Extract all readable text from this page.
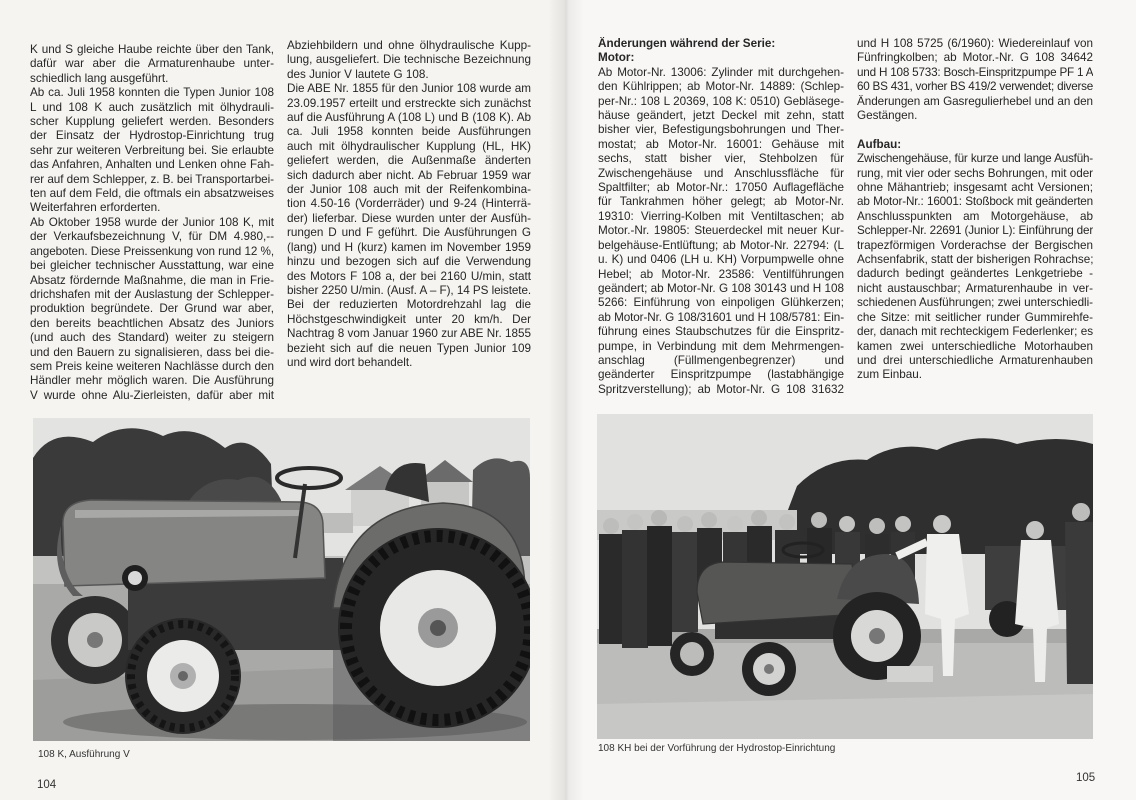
K und S gleiche Haube reichte über den Tank,
dafür war aber die Armaturenhaube unter-
schiedlich lang ausgeführt.
Ab ca. Juli 1958 konnten die Typen Junior 108
L und 108 K auch zusätzlich mit ölhydrauli-
scher Kupplung geliefert werden. Besonders
der Einsatz der Hydrostop-Einrichtung trug
sehr zur weiteren Verbreitung bei. Sie erlaubte
das Anfahren, Anhalten und Lenken ohne Fah-
rer auf dem Schlepper, z. B. bei Transportarbei-
ten auf dem Feld, die oftmals ein absatzweises
Weiterfahren erforderten.
Ab Oktober 1958 wurde der Junior 108 K, mit
der Verkaufsbezeichnung V, für DM 4.980,--
angeboten. Diese Preissenkung von rund 12 %,
bei gleicher technischer Ausstattung, war eine
Absatz fördernde Maßnahme, die man in Frie-
drichshafen mit der Auslastung der Schlepper-
produktion begründete. Der Grund war aber,
den bereits beachtlichen Absatz des Juniors
(und auch des Standard) weiter zu steigern
und den Bauern zu signalisieren, dass bei die-
sem Preis keine weiteren Nachlässe durch den
Händler mehr möglich waren. Die Ausführung
V wurde ohne Alu-Zierleisten, dafür aber mit
Abziehbildern und ohne ölhydraulische Kupp-
lung, ausgeliefert. Die technische Bezeichnung
des Junior V lautete G 108.
Die ABE Nr. 1855 für den Junior 108 wurde am
23.09.1957 erteilt und erstreckte sich zunächst
auf die Ausführung A (108 L) und B (108 K). Ab
ca. Juli 1958 konnten beide Ausführungen
auch mit ölhydraulischer Kupplung (HL, HK)
geliefert werden, die Außenmaße änderten
sich dadurch aber nicht. Ab Februar 1959 war
der Junior 108 auch mit der Reifenkombina-
tion 4.50-16 (Vorderräder) und 9-24 (Hinterrä-
der) lieferbar. Diese wurden unter der Ausfüh-
rungen D und F geführt. Die Ausführungen G
(lang) und H (kurz) kamen im November 1959
hinzu und bezogen sich auf die Verwendung
des Motors F 108 a, der bei 2160 U/min, statt
bisher 2250 U/min. (Ausf. A – F), 14 PS leistete.
Bei der reduzierten Motordrehzahl lag die
Höchstgeschwindigkeit unter 20 km/h. Der
Nachtrag 8 vom Januar 1960 zur ABE Nr. 1855
bezieht sich auf die neuen Typen Junior 109
und wird dort behandelt.
Änderungen während der Serie:
Motor:
Ab Motor-Nr. 13006: Zylinder mit durchgehen-
den Kühlrippen; ab Motor-Nr. 14889: (Schlep-
per-Nr.: 108 L 20369, 108 K: 0510) Gebläsege-
häuse geändert, jetzt Deckel mit zehn, statt
bisher vier, Befestigungsbohrungen und Ther-
mostat; ab Motor-Nr. 16001: Gehäuse mit
sechs, statt bisher vier, Stehbolzen für
Zwischengehäuse und Anschlussfläche für
Spaltfilter; ab Motor-Nr.: 17050 Auflagefläche
für Tankrahmen höher gelegt; ab Motor-Nr.
19310: Vierring-Kolben mit Ventiltaschen; ab
Motor.-Nr. 19805: Steuerdeckel mit neuer Kur-
belgehäuse-Entlüftung; ab Motor-Nr. 22794: (L
u. K) und 0406 (LH u. KH) Vorpumpwelle ohne
Hebel; ab Motor-Nr. 23586: Ventilführungen
geändert; ab Motor-Nr. G 108 30143 und H 108
5266: Einführung von einpoligen Glühkerzen;
ab Motor-Nr. G 108/31601 und H 108/5781: Ein-
führung eines Staubschutzes für die Einspritz-
pumpe, in Verbindung mit dem Mehrmengen-
anschlag (Füllmengenbegrenzer) und
geänderter Einspritzpumpe (lastabhängige
Spritzverstellung); ab Motor-Nr. G 108 31632
und H 108 5725 (6/1960): Wiedereinlauf von
Fünfringkolben; ab Motor.-Nr. G 108 34642
und H 108 5733: Bosch-Einspritzpumpe PF 1 A
60 BS 431, vorher BS 419/2 verwendet; diverse
Änderungen am Gasregulierhebel und an den
Gestängen.
Aufbau:
Zwischengehäuse, für kurze und lange Ausfüh-
rung, mit vier oder sechs Bohrungen, mit oder
ohne Mähantrieb; insgesamt acht Versionen;
ab Motor-Nr.: 16001: Stoßbock mit geänderten
Anschlusspunkten am Motorgehäuse, ab
Schlepper-Nr. 22691 (Junior L): Einführung der
trapezförmigen Vorderachse der Bergischen
Achsenfabrik, statt der bisherigen Rohrachse;
dadurch bedingt geändertes Lenkgetriebe -
nicht austauschbar; Armaturenhaube in ver-
schiedenen Ausführungen; zwei unterschiedli-
che Sitze: mit seitlicher runder Gummirehfe-
der, danach mit rechteckigem Federlenker; es
kamen zwei unterschiedliche Motorhauben
und drei unterschiedliche Armaturenhauben
zum Einbau.
108 K, Ausführung V
104
108 KH bei der Vorführung der Hydrostop-Einrichtung
105
